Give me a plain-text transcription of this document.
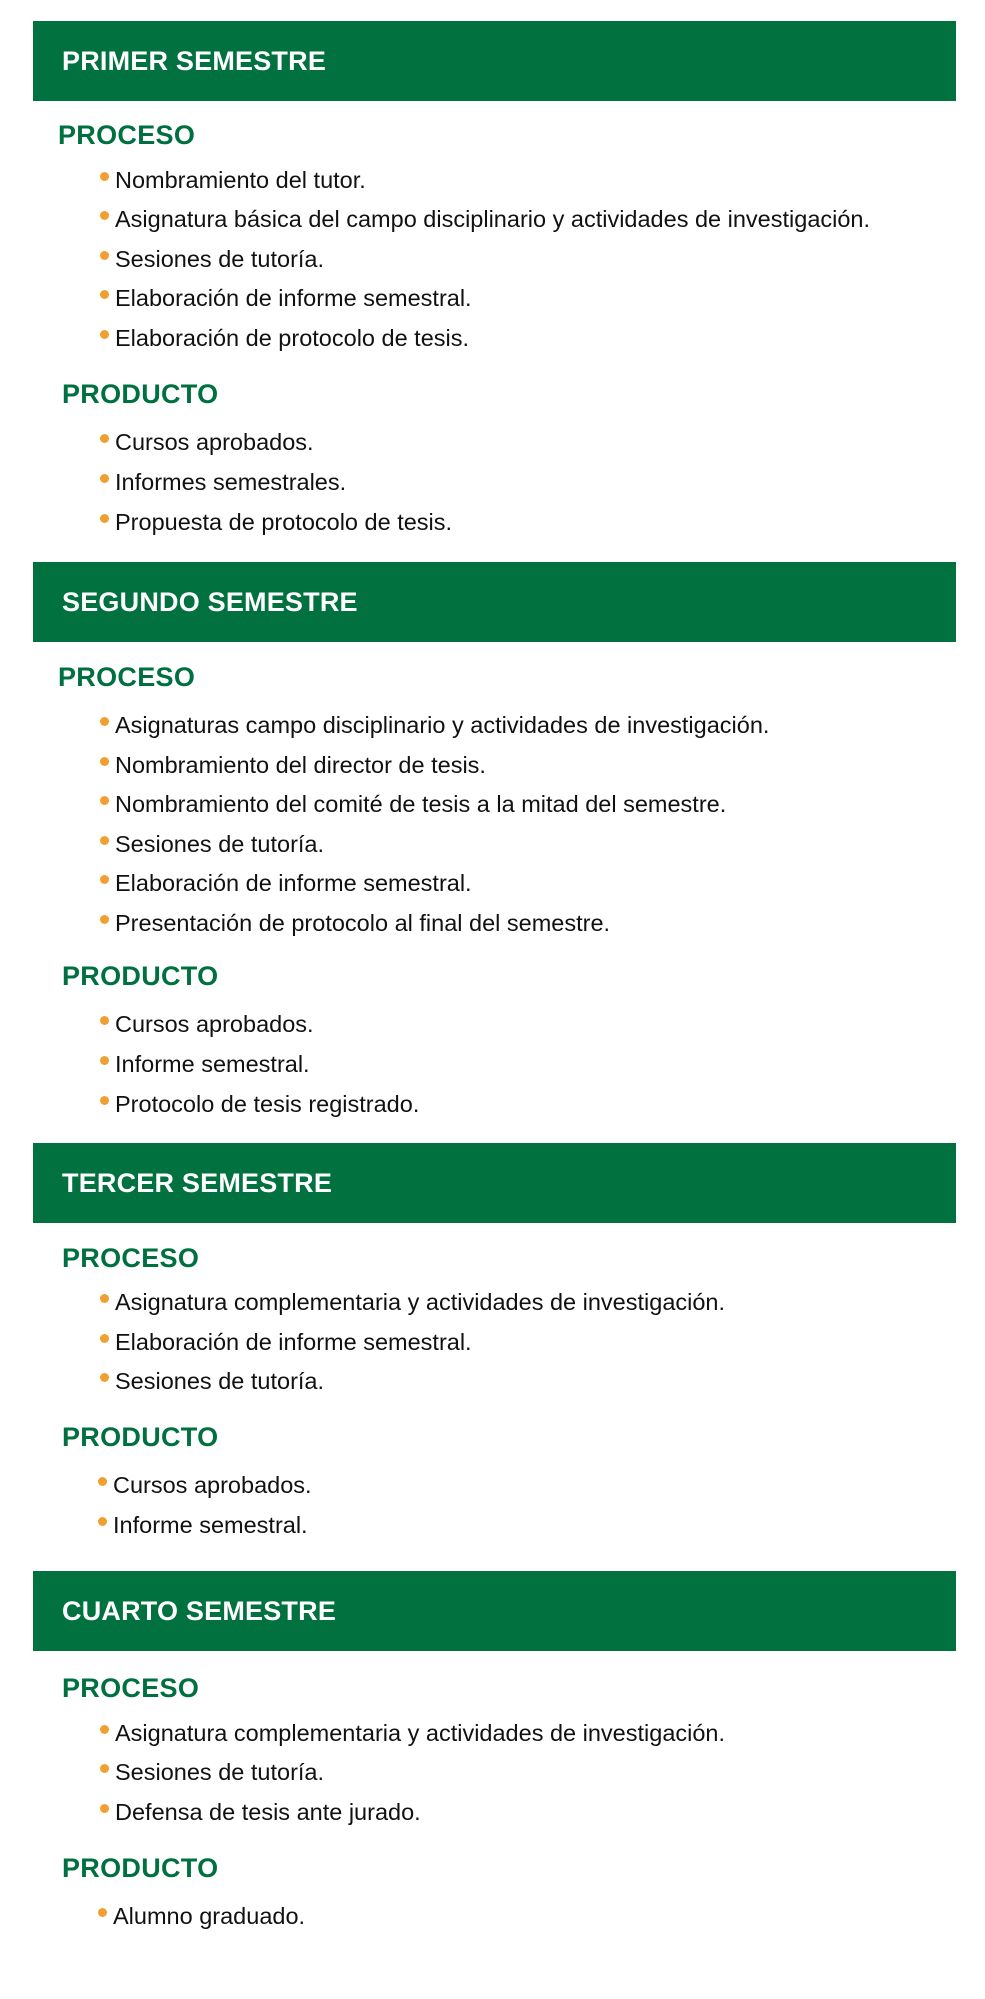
PRIMER SEMESTRE
PROCESO
Nombramiento del tutor.
Asignatura básica del campo disciplinario y actividades de investigación.
Sesiones de tutoría.
Elaboración de informe semestral.
Elaboración de protocolo de tesis.
PRODUCTO
Cursos aprobados.
Informes semestrales.
Propuesta de protocolo de tesis.
SEGUNDO SEMESTRE
PROCESO
Asignaturas campo disciplinario y actividades de investigación.
Nombramiento del director de tesis.
Nombramiento del comité de tesis a la mitad del semestre.
Sesiones de tutoría.
Elaboración de informe semestral.
Presentación de protocolo al final del semestre.
PRODUCTO
Cursos aprobados.
Informe semestral.
Protocolo de tesis registrado.
TERCER SEMESTRE
PROCESO
Asignatura complementaria y actividades de investigación.
Elaboración de informe semestral.
Sesiones de tutoría.
PRODUCTO
Cursos aprobados.
Informe semestral.
CUARTO SEMESTRE
PROCESO
Asignatura complementaria y actividades de investigación.
Sesiones de tutoría.
Defensa de tesis ante jurado.
PRODUCTO
Alumno graduado.
